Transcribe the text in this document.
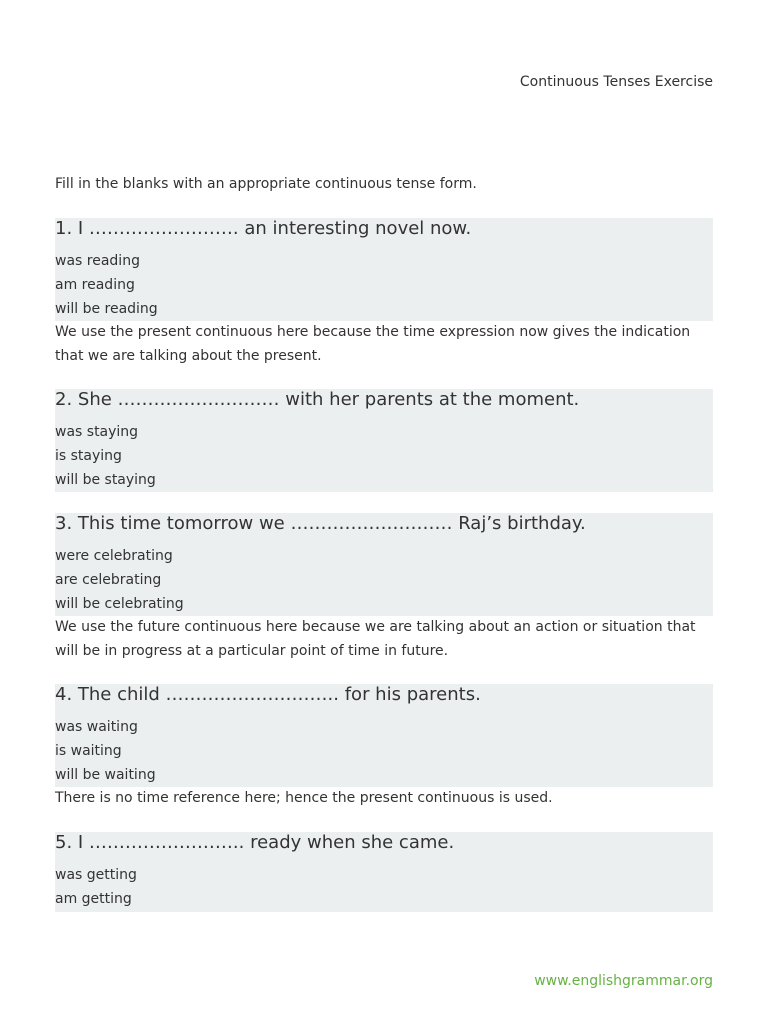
Continuous Tenses Exercise
Fill in the blanks with an appropriate continuous tense form.
1. I ……………………. an interesting novel now.
was reading
am reading
will be reading
We use the present continuous here because the time expression now gives the indication that we are talking about the present.
2. She ……………………… with her parents at the moment.
was staying
is staying
will be staying
3. This time tomorrow we ……………………… Raj’s birthday.
were celebrating
are celebrating
will be celebrating
We use the future continuous here because we are talking about an action or situation that will be in progress at a particular point of time in future.
4. The child ……………………….. for his parents.
was waiting
is waiting
will be waiting
There is no time reference here; hence the present continuous is used.
5. I …………………….. ready when she came.
was getting
am getting
www.englishgrammar.org
